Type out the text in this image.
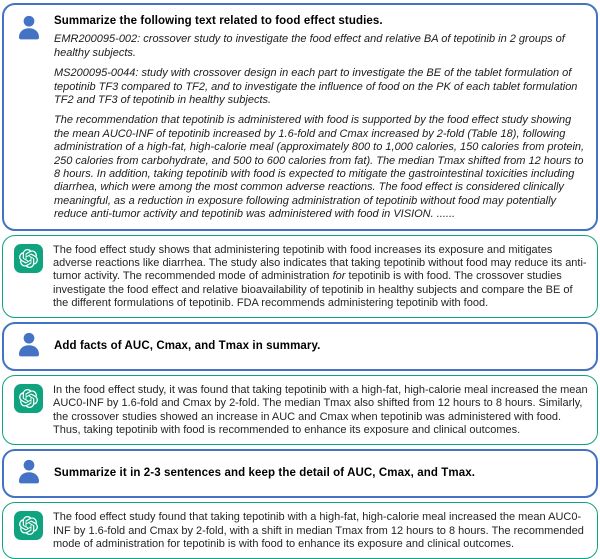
Summarize the following text related to food effect studies.

EMR200095-002: crossover study to investigate the food effect and relative BA of tepotinib in 2 groups of healthy subjects.

MS200095-0044: study with crossover design in each part to investigate the BE of the tablet formulation of tepotinib TF3 compared to TF2, and to investigate the influence of food on the PK of each tablet formulation TF2 and TF3 of tepotinib in healthy subjects.

The recommendation that tepotinib is administered with food is supported by the food effect study showing the mean AUC0-INF of tepotinib increased by 1.6-fold and Cmax increased by 2-fold (Table 18), following administration of a high-fat, high-calorie meal (approximately 800 to 1,000 calories, 150 calories from protein, 250 calories from carbohydrate, and 500 to 600 calories from fat). The median Tmax shifted from 12 hours to 8 hours. In addition, taking tepotinib with food is expected to mitigate the gastrointestinal toxicities including diarrhea, which were among the most common adverse reactions. The food effect is considered clinically meaningful, as a reduction in exposure following administration of tepotinib without food may potentially reduce anti-tumor activity and tepotinib was administered with food in VISION. ......

The food effect study shows that administering tepotinib with food increases its exposure and mitigates adverse reactions like diarrhea. The study also indicates that taking tepotinib without food may reduce its anti-tumor activity. The recommended mode of administration for tepotinib is with food. The crossover studies investigate the food effect and relative bioavailability of tepotinib in healthy subjects and compare the BE of the different formulations of tepotinib. FDA recommends administering tepotinib with food.
Add facts of AUC, Cmax, and Tmax in summary.
In the food effect study, it was found that taking tepotinib with a high-fat, high-calorie meal increased the mean AUC0-INF by 1.6-fold and Cmax by 2-fold. The median Tmax also shifted from 12 hours to 8 hours. Similarly, the crossover studies showed an increase in AUC and Cmax when tepotinib was administered with food. Thus, taking tepotinib with food is recommended to enhance its exposure and clinical outcomes.
Summarize it in 2-3 sentences and keep the detail of AUC, Cmax, and Tmax.
The food effect study found that taking tepotinib with a high-fat, high-calorie meal increased the mean AUC0-INF by 1.6-fold and Cmax by 2-fold, with a shift in median Tmax from 12 hours to 8 hours. The recommended mode of administration for tepotinib is with food to enhance its exposure and clinical outcomes.
